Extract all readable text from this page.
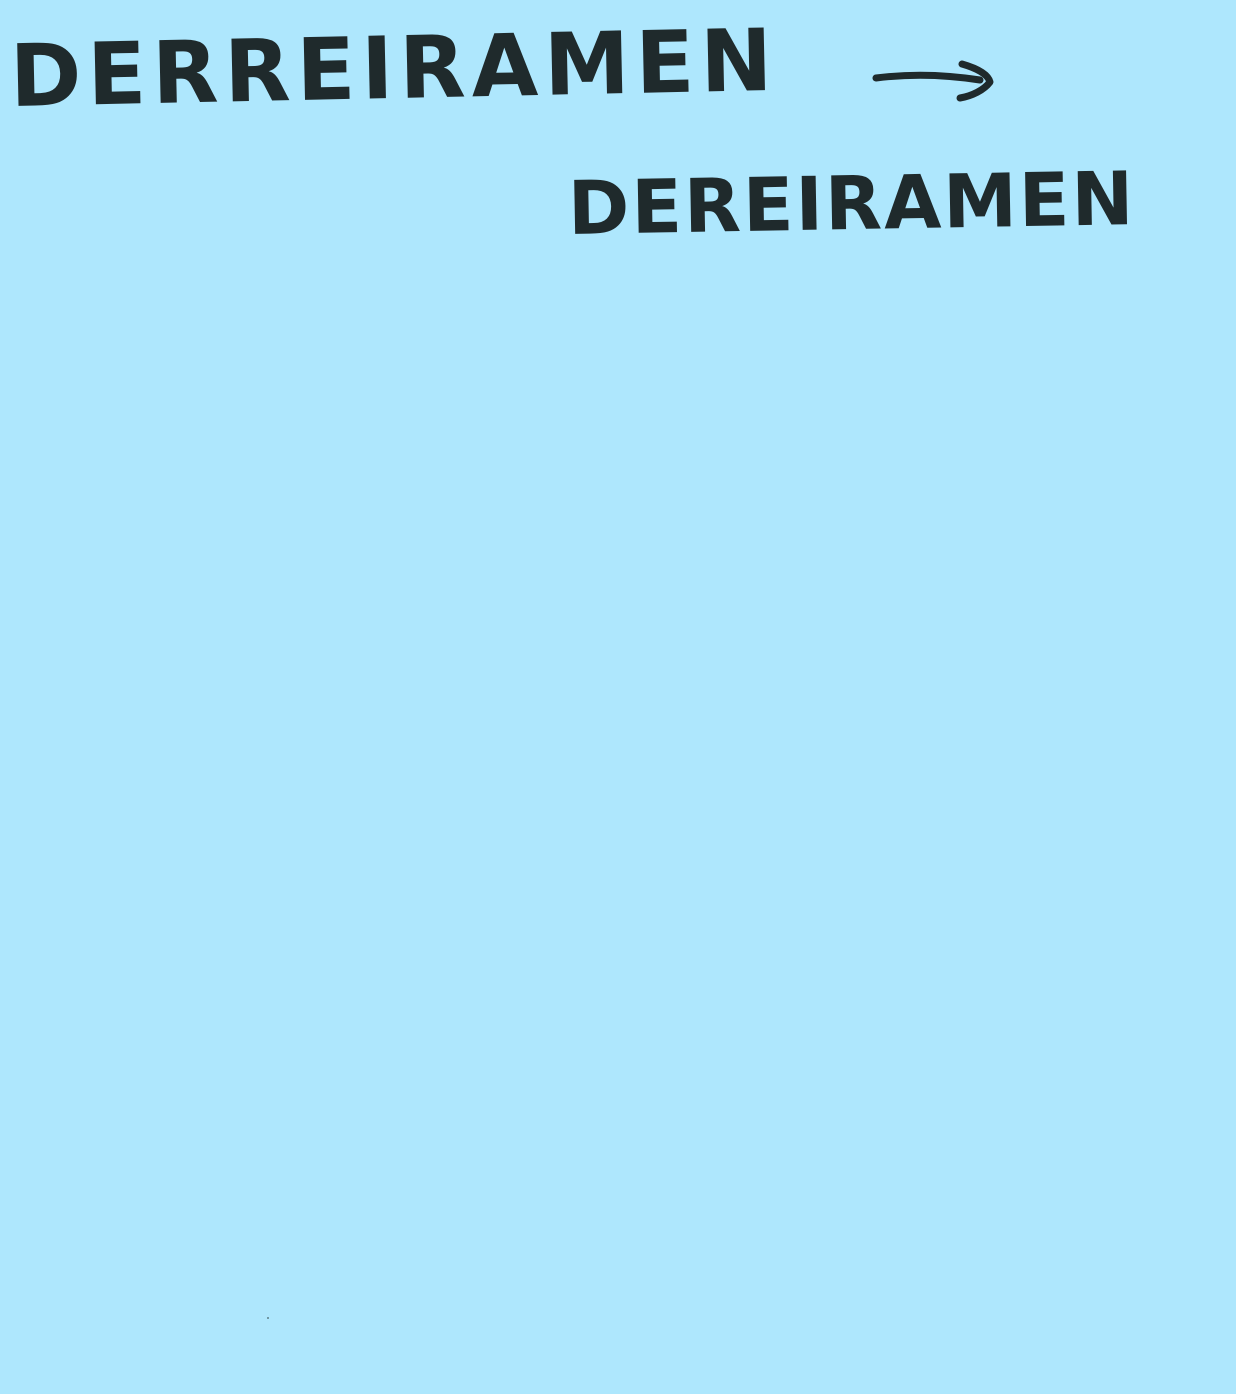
DERREIRAMEN
DEREIRAMEN
